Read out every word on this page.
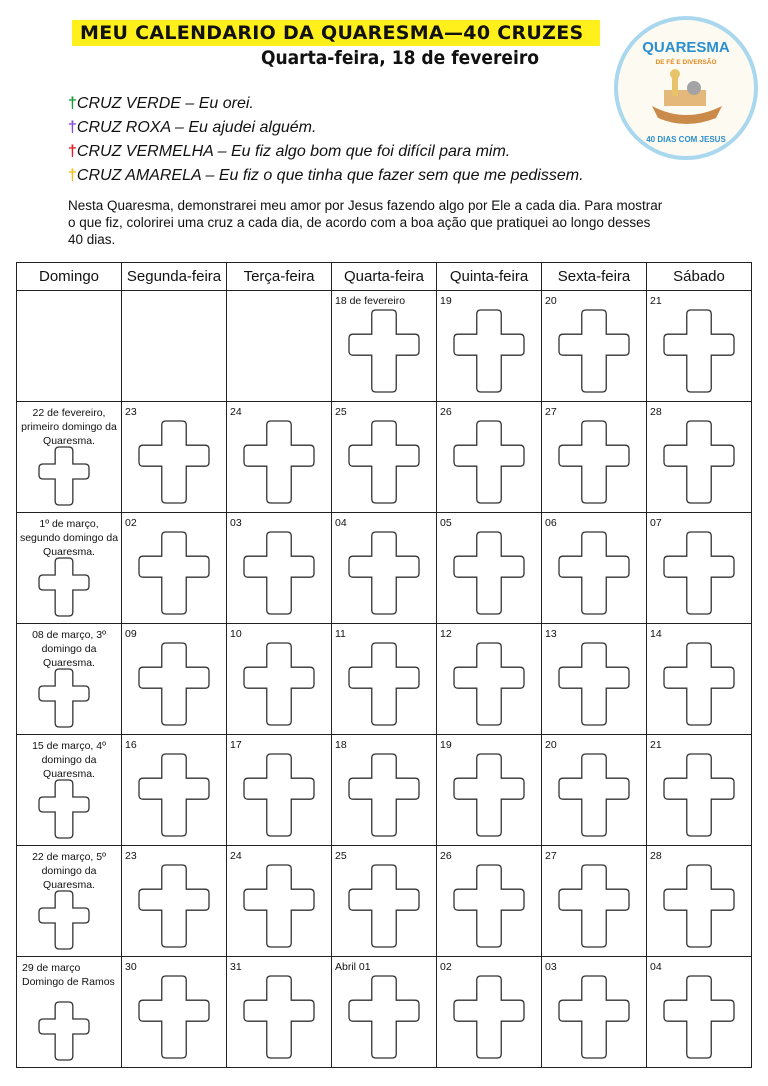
MEU CALENDARIO DA QUARESMA—40 CRUZES
Quarta-feira, 18 de fevereiro	QUARESMA
DE FÉ E DIVERSÃO
40 DIAS COM JESUS
†CRUZ VERDE – Eu orei.
†CRUZ ROXA – Eu ajudei alguém.
†CRUZ VERMELHA – Eu fiz algo bom que foi difícil para mim.
†CRUZ AMARELA – Eu fiz o que tinha que fazer sem que me pedissem.
Nesta Quaresma, demonstrarei meu amor por Jesus fazendo algo por Ele a cada dia. Para mostrar o que fiz, colorirei uma cruz a cada dia, de acordo com a boa ação que pratiquei ao longo desses 40 dias.
Domingo	Segunda-feira	Terça-feira	Quarta-feira	Quinta-feira	Sexta-feira	Sábado

			18 de fevereiro	19	20	21

22 de fevereiro, primeiro domingo da Quaresma.	23	24	25	26	27	28

1º de março, segundo domingo da Quaresma.	02	03	04	05	06	07

08 de março, 3º domingo da Quaresma.	09	10	11	12	13	14

15 de março, 4º domingo da Quaresma.	16	17	18	19	20	21

22 de março, 5º domingo da Quaresma.	23	24	25	26	27	28

29 de março Domingo de Ramos	30	31	Abril 01	02	03	04
